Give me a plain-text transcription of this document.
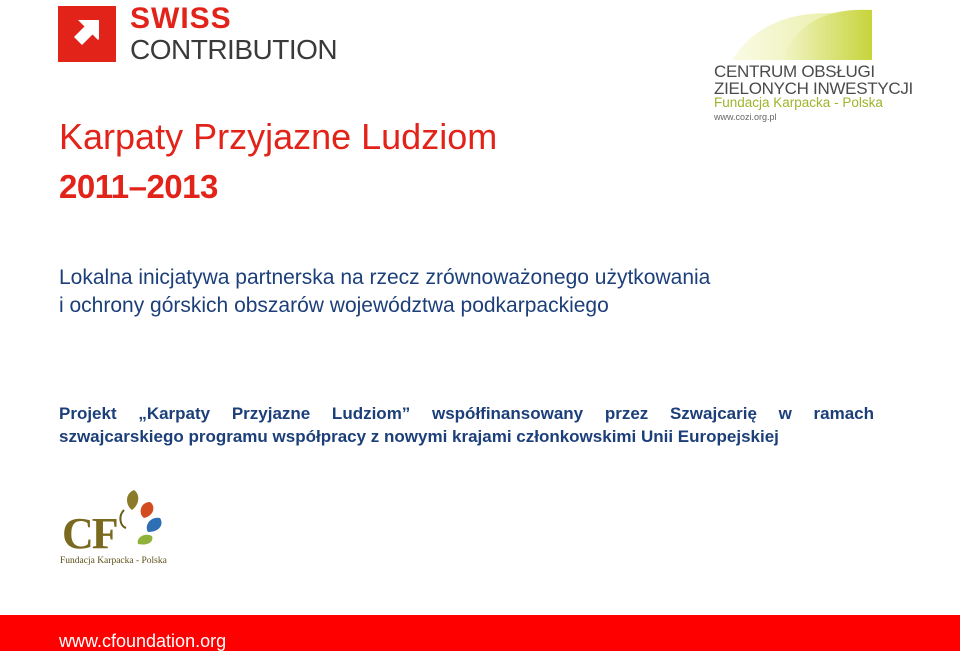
SWISS
CONTRIBUTION
CENTRUM OBSŁUGI
ZIELONYCH INWESTYCJI
Fundacja Karpacka - Polska
www.cozi.org.pl
Karpaty Przyjazne Ludziom
2011–2013
Lokalna inicjatywa partnerska na rzecz zrównoważonego użytkowania
i ochrony górskich obszarów województwa podkarpackiego
Projekt „Karpaty Przyjazne Ludziom” współfinansowany przez Szwajcarię w ramach
szwajcarskiego programu współpracy z nowymi krajami członkowskimi Unii Europejskiej
CF
Fundacja Karpacka - Polska
www.cfoundation.org
